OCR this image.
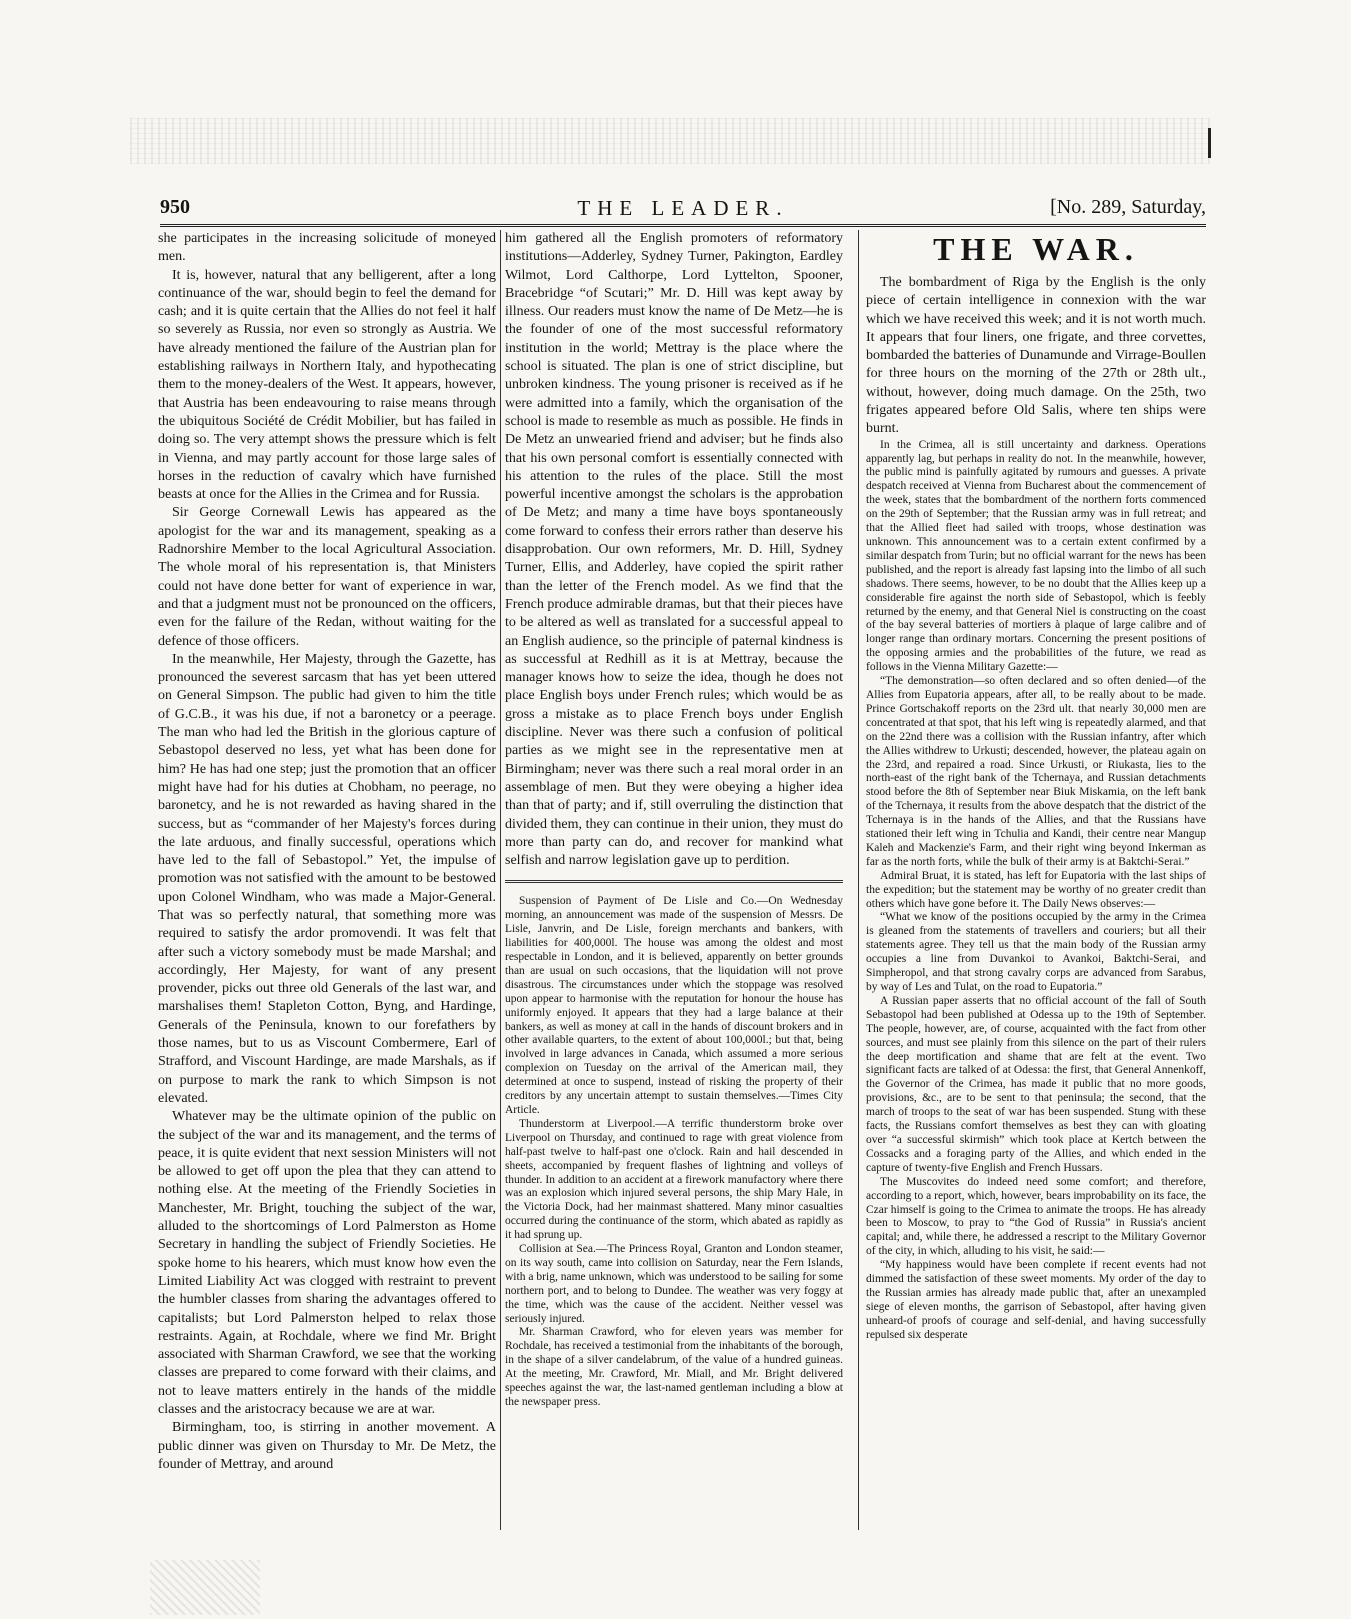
950	THE LEADER.	[No. 289, Saturday,

she participates in the increasing solicitude of moneyed men.

It is, however, natural that any belligerent, after a long continuance of the war, should begin to feel the demand for cash; and it is quite certain that the Allies do not feel it half so severely as Russia, nor even so strongly as Austria. We have already mentioned the failure of the Austrian plan for establishing railways in Northern Italy, and hypothecating them to the money-dealers of the West. It appears, however, that Austria has been endeavouring to raise means through the ubiquitous Société de Crédit Mobilier, but has failed in doing so. The very attempt shows the pressure which is felt in Vienna, and may partly account for those large sales of horses in the reduction of cavalry which have furnished beasts at once for the Allies in the Crimea and for Russia.

Sir George Cornewall Lewis has appeared as the apologist for the war and its management, speaking as a Radnorshire Member to the local Agricultural Association. The whole moral of his representation is, that Ministers could not have done better for want of experience in war, and that a judgment must not be pronounced on the officers, even for the failure of the Redan, without waiting for the defence of those officers.

In the meanwhile, Her Majesty, through the Gazette, has pronounced the severest sarcasm that has yet been uttered on General Simpson. The public had given to him the title of G.C.B., it was his due, if not a baronetcy or a peerage. The man who had led the British in the glorious capture of Sebastopol deserved no less, yet what has been done for him? He has had one step; just the promotion that an officer might have had for his duties at Chobham, no peerage, no baronetcy, and he is not rewarded as having shared in the success, but as “commander of her Majesty's forces during the late arduous, and finally successful, operations which have led to the fall of Sebastopol.” Yet, the impulse of promotion was not satisfied with the amount to be bestowed upon Colonel Windham, who was made a Major-General. That was so perfectly natural, that something more was required to satisfy the ardor promovendi. It was felt that after such a victory somebody must be made Marshal; and accordingly, Her Majesty, for want of any present provender, picks out three old Generals of the last war, and marshalises them! Stapleton Cotton, Byng, and Hardinge, Generals of the Peninsula, known to our forefathers by those names, but to us as Viscount Combermere, Earl of Strafford, and Viscount Hardinge, are made Marshals, as if on purpose to mark the rank to which Simpson is not elevated.

Whatever may be the ultimate opinion of the public on the subject of the war and its management, and the terms of peace, it is quite evident that next session Ministers will not be allowed to get off upon the plea that they can attend to nothing else. At the meeting of the Friendly Societies in Manchester, Mr. Bright, touching the subject of the war, alluded to the shortcomings of Lord Palmerston as Home Secretary in handling the subject of Friendly Societies. He spoke home to his hearers, which must know how even the Limited Liability Act was clogged with restraint to prevent the humbler classes from sharing the advantages offered to capitalists; but Lord Palmerston helped to relax those restraints. Again, at Rochdale, where we find Mr. Bright associated with Sharman Crawford, we see that the working classes are prepared to come forward with their claims, and not to leave matters entirely in the hands of the middle classes and the aristocracy because we are at war.

Birmingham, too, is stirring in another movement. A public dinner was given on Thursday to Mr. De Metz, the founder of Mettray, and around

him gathered all the English promoters of reformatory institutions—Adderley, Sydney Turner, Pakington, Eardley Wilmot, Lord Calthorpe, Lord Lyttelton, Spooner, Bracebridge “of Scutari;” Mr. D. Hill was kept away by illness. Our readers must know the name of De Metz—he is the founder of one of the most successful reformatory institution in the world; Mettray is the place where the school is situated. The plan is one of strict discipline, but unbroken kindness. The young prisoner is received as if he were admitted into a family, which the organisation of the school is made to resemble as much as possible. He finds in De Metz an unwearied friend and adviser; but he finds also that his own personal comfort is essentially connected with his attention to the rules of the place. Still the most powerful incentive amongst the scholars is the approbation of De Metz; and many a time have boys spontaneously come forward to confess their errors rather than deserve his disapprobation. Our own reformers, Mr. D. Hill, Sydney Turner, Ellis, and Adderley, have copied the spirit rather than the letter of the French model. As we find that the French produce admirable dramas, but that their pieces have to be altered as well as translated for a successful appeal to an English audience, so the principle of paternal kindness is as successful at Redhill as it is at Mettray, because the manager knows how to seize the idea, though he does not place English boys under French rules; which would be as gross a mistake as to place French boys under English discipline. Never was there such a confusion of political parties as we might see in the representative men at Birmingham; never was there such a real moral order in an assemblage of men. But they were obeying a higher idea than that of party; and if, still overruling the distinction that divided them, they can continue in their union, they must do more than party can do, and recover for mankind what selfish and narrow legislation gave up to perdition.

Suspension of Payment of De Lisle and Co.—On Wednesday morning, an announcement was made of the suspension of Messrs. De Lisle, Janvrin, and De Lisle, foreign merchants and bankers, with liabilities for 400,000l. The house was among the oldest and most respectable in London, and it is believed, apparently on better grounds than are usual on such occasions, that the liquidation will not prove disastrous. The circumstances under which the stoppage was resolved upon appear to harmonise with the reputation for honour the house has uniformly enjoyed. It appears that they had a large balance at their bankers, as well as money at call in the hands of discount brokers and in other available quarters, to the extent of about 100,000l.; but that, being involved in large advances in Canada, which assumed a more serious complexion on Tuesday on the arrival of the American mail, they determined at once to suspend, instead of risking the property of their creditors by any uncertain attempt to sustain themselves.—Times City Article.

Thunderstorm at Liverpool.—A terrific thunderstorm broke over Liverpool on Thursday, and continued to rage with great violence from half-past twelve to half-past one o'clock. Rain and hail descended in sheets, accompanied by frequent flashes of lightning and volleys of thunder. In addition to an accident at a firework manufactory where there was an explosion which injured several persons, the ship Mary Hale, in the Victoria Dock, had her mainmast shattered. Many minor casualties occurred during the continuance of the storm, which abated as rapidly as it had sprung up.

Collision at Sea.—The Princess Royal, Granton and London steamer, on its way south, came into collision on Saturday, near the Fern Islands, with a brig, name unknown, which was understood to be sailing for some northern port, and to belong to Dundee. The weather was very foggy at the time, which was the cause of the accident. Neither vessel was seriously injured.

Mr. Sharman Crawford, who for eleven years was member for Rochdale, has received a testimonial from the inhabitants of the borough, in the shape of a silver candelabrum, of the value of a hundred guineas. At the meeting, Mr. Crawford, Mr. Miall, and Mr. Bright delivered speeches against the war, the last-named gentleman including a blow at the newspaper press.

THE WAR.

The bombardment of Riga by the English is the only piece of certain intelligence in connexion with the war which we have received this week; and it is not worth much. It appears that four liners, one frigate, and three corvettes, bombarded the batteries of Dunamunde and Virrage-Boullen for three hours on the morning of the 27th or 28th ult., without, however, doing much damage. On the 25th, two frigates appeared before Old Salis, where ten ships were burnt.

In the Crimea, all is still uncertainty and darkness. Operations apparently lag, but perhaps in reality do not. In the meanwhile, however, the public mind is painfully agitated by rumours and guesses. A private despatch received at Vienna from Bucharest about the commencement of the week, states that the bombardment of the northern forts commenced on the 29th of September; that the Russian army was in full retreat; and that the Allied fleet had sailed with troops, whose destination was unknown. This announcement was to a certain extent confirmed by a similar despatch from Turin; but no official warrant for the news has been published, and the report is already fast lapsing into the limbo of all such shadows. There seems, however, to be no doubt that the Allies keep up a considerable fire against the north side of Sebastopol, which is feebly returned by the enemy, and that General Niel is constructing on the coast of the bay several batteries of mortiers à plaque of large calibre and of longer range than ordinary mortars. Concerning the present positions of the opposing armies and the probabilities of the future, we read as follows in the Vienna Military Gazette:—

“The demonstration—so often declared and so often denied—of the Allies from Eupatoria appears, after all, to be really about to be made. Prince Gortschakoff reports on the 23rd ult. that nearly 30,000 men are concentrated at that spot, that his left wing is repeatedly alarmed, and that on the 22nd there was a collision with the Russian infantry, after which the Allies withdrew to Urkusti; descended, however, the plateau again on the 23rd, and repaired a road. Since Urkusti, or Riukasta, lies to the north-east of the right bank of the Tchernaya, and Russian detachments stood before the 8th of September near Biuk Miskamia, on the left bank of the Tchernaya, it results from the above despatch that the district of the Tchernaya is in the hands of the Allies, and that the Russians have stationed their left wing in Tchulia and Kandi, their centre near Mangup Kaleh and Mackenzie's Farm, and their right wing beyond Inkerman as far as the north forts, while the bulk of their army is at Baktchi-Serai.”

Admiral Bruat, it is stated, has left for Eupatoria with the last ships of the expedition; but the statement may be worthy of no greater credit than others which have gone before it. The Daily News observes:—

“What we know of the positions occupied by the army in the Crimea is gleaned from the statements of travellers and couriers; but all their statements agree. They tell us that the main body of the Russian army occupies a line from Duvankoi to Avankoi, Baktchi-Serai, and Simpheropol, and that strong cavalry corps are advanced from Sarabus, by way of Les and Tulat, on the road to Eupatoria.”

A Russian paper asserts that no official account of the fall of South Sebastopol had been published at Odessa up to the 19th of September. The people, however, are, of course, acquainted with the fact from other sources, and must see plainly from this silence on the part of their rulers the deep mortification and shame that are felt at the event. Two significant facts are talked of at Odessa: the first, that General Annenkoff, the Governor of the Crimea, has made it public that no more goods, provisions, &c., are to be sent to that peninsula; the second, that the march of troops to the seat of war has been suspended. Stung with these facts, the Russians comfort themselves as best they can with gloating over “a successful skirmish” which took place at Kertch between the Cossacks and a foraging party of the Allies, and which ended in the capture of twenty-five English and French Hussars.

The Muscovites do indeed need some comfort; and therefore, according to a report, which, however, bears improbability on its face, the Czar himself is going to the Crimea to animate the troops. He has already been to Moscow, to pray to “the God of Russia” in Russia's ancient capital; and, while there, he addressed a rescript to the Military Governor of the city, in which, alluding to his visit, he said:—

“My happiness would have been complete if recent events had not dimmed the satisfaction of these sweet moments. My order of the day to the Russian armies has already made public that, after an unexampled siege of eleven months, the garrison of Sebastopol, after having given unheard-of proofs of courage and self-denial, and having successfully repulsed six desperate
